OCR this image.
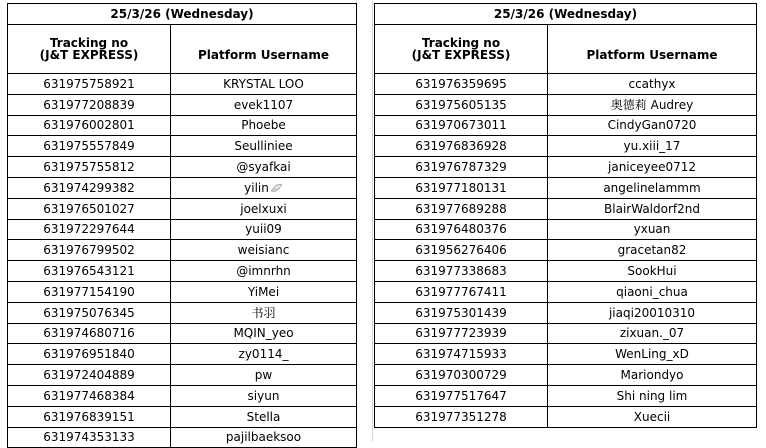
25/3/26 (Wednesday)	

Tracking no
(J&T EXPRESS)	Platform Username
631975758921	KRYSTAL LOO
631977208839	evek1107
631976002801	Phoebe
631975557849	Seulliniee
631975755812	@syafkai
631974299382	yilin
631976501027	joelxuxi
631972297644	yuii09
631976799502	weisianc
631976543121	@imnrhn
631977154190	YiMei
631975076345	书羽
631974680716	MQIN_yeo
631976951840	zy0114_
631972404889	pw
631977468384	siyun
631976839151	Stella
631974353133	pajilbaeksoo
25/3/26 (Wednesday)	

Tracking no
(J&T EXPRESS)	Platform Username
631976359695	ccathyx
631975605135	奥德莉 Audrey
631970673011	CindyGan0720
631976836928	yu.xiii_17
631976787329	janiceyee0712
631977180131	angelinelammm
631977689288	BlairWaldorf2nd
631976480376	yxuan
631956276406	gracetan82
631977338683	SookHui
631977767411	qiaoni_chua
631975301439	jiaqi20010310
631977723939	zixuan._07
631974715933	WenLing_xD
631970300729	Mariondyo
631977517647	Shi ning lim
631977351278	Xuecii
